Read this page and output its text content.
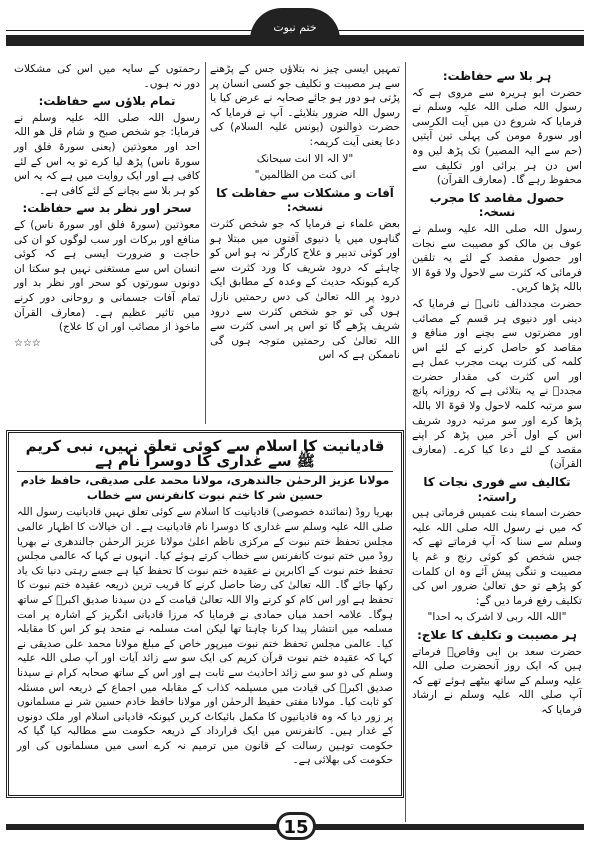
ختم نبوت

ہر بلا سے حفاظت:

حضرت ابو ہریرہ سے مروی ہے کہ رسول اللہ صلی اللہ علیہ وسلم نے فرمایا کہ شروع دن میں آیت الکرسی اور سورۃ مومن کی پہلی تین آیتیں (حم سے الیہ المصیر) تک پڑھ لیں وہ اس دن ہر برائی اور تکلیف سے محفوظ رہے گا۔ (معارف القرآن)

حصول مقاصد کا مجرب نسخہ:

رسول اللہ صلی اللہ علیہ وسلم نے عوف بن مالک کو مصیبت سے نجات اور حصول مقصد کے لئے یہ تلقین فرمائی کہ کثرت سے لاحول ولا قوۃ الا باللہ پڑھا کریں۔

حضرت مجددالف ثانیؒ نے فرمایا کہ دینی اور دنیوی ہر قسم کے مصائب اور مضرتوں سے بچنے اور منافع و مقاصد کو حاصل کرنے کے لئے اس کلمہ کی کثرت بہت مجرب عمل ہے اور اس کثرت کی مقدار حضرت مجددؒ نے یہ بتلائی ہے کہ روزانہ پانچ سو مرتبہ کلمہ لاحول ولا قوۃ الا باللہ پڑھا کرے اور سو مرتبہ درود شریف اس کے اول آخر میں پڑھ کر اپنے مقصد کے لئے دعا کیا کرے۔ (معارف القرآن)

تکالیف سے فوری نجات کا راستہ:

حضرت اسماء بنت عمیس فرماتی ہیں کہ میں نے رسول اللہ صلی اللہ علیہ وسلم سے سنا کہ آپ فرماتے تھے کہ جس شخص کو کوئی رنج و غم یا مصیبت و تنگی پیش آئے وہ ان کلمات کو پڑھے تو حق تعالیٰ ضرور اس کی تکلیف رفع فرما دیں گے:

"اللہ اللہ ربی لا اشرک بہ احدا"

ہر مصیبت و تکلیف کا علاج:

حضرت سعد بن ابی وقاصؓ فرماتے ہیں کہ ایک روز آنحضرت صلی اللہ علیہ وسلم کے ساتھ بیٹھے ہوئے تھے کہ آپ صلی اللہ علیہ وسلم نے ارشاد فرمایا کہ

تمہیں ایسی چیز نہ بتلاؤں جس کے پڑھنے سے ہر مصیبت و تکلیف جو کسی انسان پر پڑتی ہو دور ہو جائے صحابہ نے عرض کیا یا رسول اللہ ضرور بتلایئے۔ آپ نے فرمایا کہ حضرت ذوالنون (یونس علیہ السلام) کی دعا یعنی آیت کریمہ:

"لا الہ الا انت سبحانک

انی کنت من الظالمین"

آفات و مشکلات سے حفاظت کا نسخہ:

بعض علماء نے فرمایا کہ جو شخص کثرت گناہوں میں یا دنیوی آفتوں میں مبتلا ہو اور کوئی تدبیر و علاج کارگر نہ ہو اس کو چاہئے کہ درود شریف کا ورد کثرت سے کرے کیونکہ حدیث کے وعدہ کے مطابق ایک درود پر اللہ تعالیٰ کی دس رحمتیں نازل ہوں گی تو جو شخص کثرت سے درود شریف پڑھے گا تو اس پر اسی کثرت سے اللہ تعالیٰ کی رحمتیں متوجہ ہوں گی ناممکن ہے کہ اس

رحمتوں کے سایہ میں اس کی مشکلات دور نہ ہوں۔

تمام بلاؤں سے حفاظت:

رسول اللہ صلی اللہ علیہ وسلم نے فرمایا: جو شخص صبح و شام قل ھو اللہ احد اور معوذتین (یعنی سورۃ فلق اور سورۃ ناس) پڑھ لیا کرے تو یہ اس کے لئے کافی ہے اور ایک روایت میں ہے کہ یہ اس کو ہر بلا سے بچانے کے لئے کافی ہے۔

سحر اور نظر بد سے حفاظت:

معوذتین (سورۃ فلق اور سورۃ ناس) کے منافع اور برکات اور سب لوگوں کو ان کی حاجت و ضرورت ایسی ہے کہ کوئی انسان اس سے مستغنی نہیں ہو سکتا ان دونوں سورتوں کو سحر اور نظر بد اور تمام آفات جسمانی و روحانی دور کرنے میں تاثیر عظیم ہے۔ (معارف القرآن ماخوذ از مصائب اور ان کا علاج)

☆☆☆

قادیانیت کا اسلام سے کوئی تعلق نہیں، نبی کریم ﷺ سے غداری کا دوسرا نام ہے
مولانا عزیز الرحمٰن جالندھری، مولانا محمد علی صدیقی، حافظ خادم حسین شر کا ختم نبوت کانفرنس سے خطاب

بھریا روڈ (نمائندہ خصوصی) قادیانیت کا اسلام سے کوئی تعلق نہیں قادیانیت رسول اللہ صلی اللہ علیہ وسلم سے غداری کا دوسرا نام قادیانیت ہے۔ ان خیالات کا اظہار عالمی مجلس تحفظ ختم نبوت کے مرکزی ناظم اعلیٰ مولانا عزیز الرحمٰن جالندھری نے بھریا روڈ میں ختم نبوت کانفرنس سے خطاب کرتے ہوئے کیا۔ انہوں نے کہا کہ عالمی مجلس تحفظ ختم نبوت کے اکابرین نے عقیدہ ختم نبوت کا تحفظ کیا ہے جسے رہتی دنیا تک یاد رکھا جائے گا۔ اللہ تعالیٰ کی رضا حاصل کرنے کا قریب ترین ذریعہ عقیدہ ختم نبوت کا تحفظ ہے اور اس کام کو کرنے والا اللہ تعالیٰ قیامت کے دن سیدنا صدیق اکبرؓ کے ساتھ ہوگا۔ علامہ احمد میاں حمادی نے فرمایا کہ مرزا قادیانی انگریز کے اشارہ پر امت مسلمہ میں انتشار پیدا کرنا چاہتا تھا لیکن امت مسلمہ نے متحد ہو کر اس کا مقابلہ کیا۔ عالمی مجلس تحفظ ختم نبوت میرپور خاص کے مبلغ مولانا محمد علی صدیقی نے کہا کہ عقیدہ ختم نبوت قرآن کریم کی ایک سو سے زائد آیات اور آپ صلی اللہ علیہ وسلم کی دو سو سے زائد احادیث سے ثابت ہے اور اس کے ساتھ صحابہ کرام نے سیدنا صدیق اکبرؓ کی قیادت میں مسیلمہ کذاب کے مقابلہ میں اجماع کے ذریعہ اس مسئلہ کو ثابت کیا۔ مولانا مفتی حفیظ الرحمٰن اور مولانا حافظ خادم حسین شر نے مسلمانوں پر زور دیا کہ وہ قادیانیوں کا مکمل بائیکاٹ کریں کیونکہ قادیانی اسلام اور ملک دونوں کے غدار ہیں۔ کانفرنس میں ایک قرارداد کے ذریعہ حکومت سے مطالبہ کیا گیا کہ حکومت توہین رسالت کے قانون میں ترمیم نہ کرے اسی میں مسلمانوں کی اور حکومت کی بھلائی ہے۔

15
